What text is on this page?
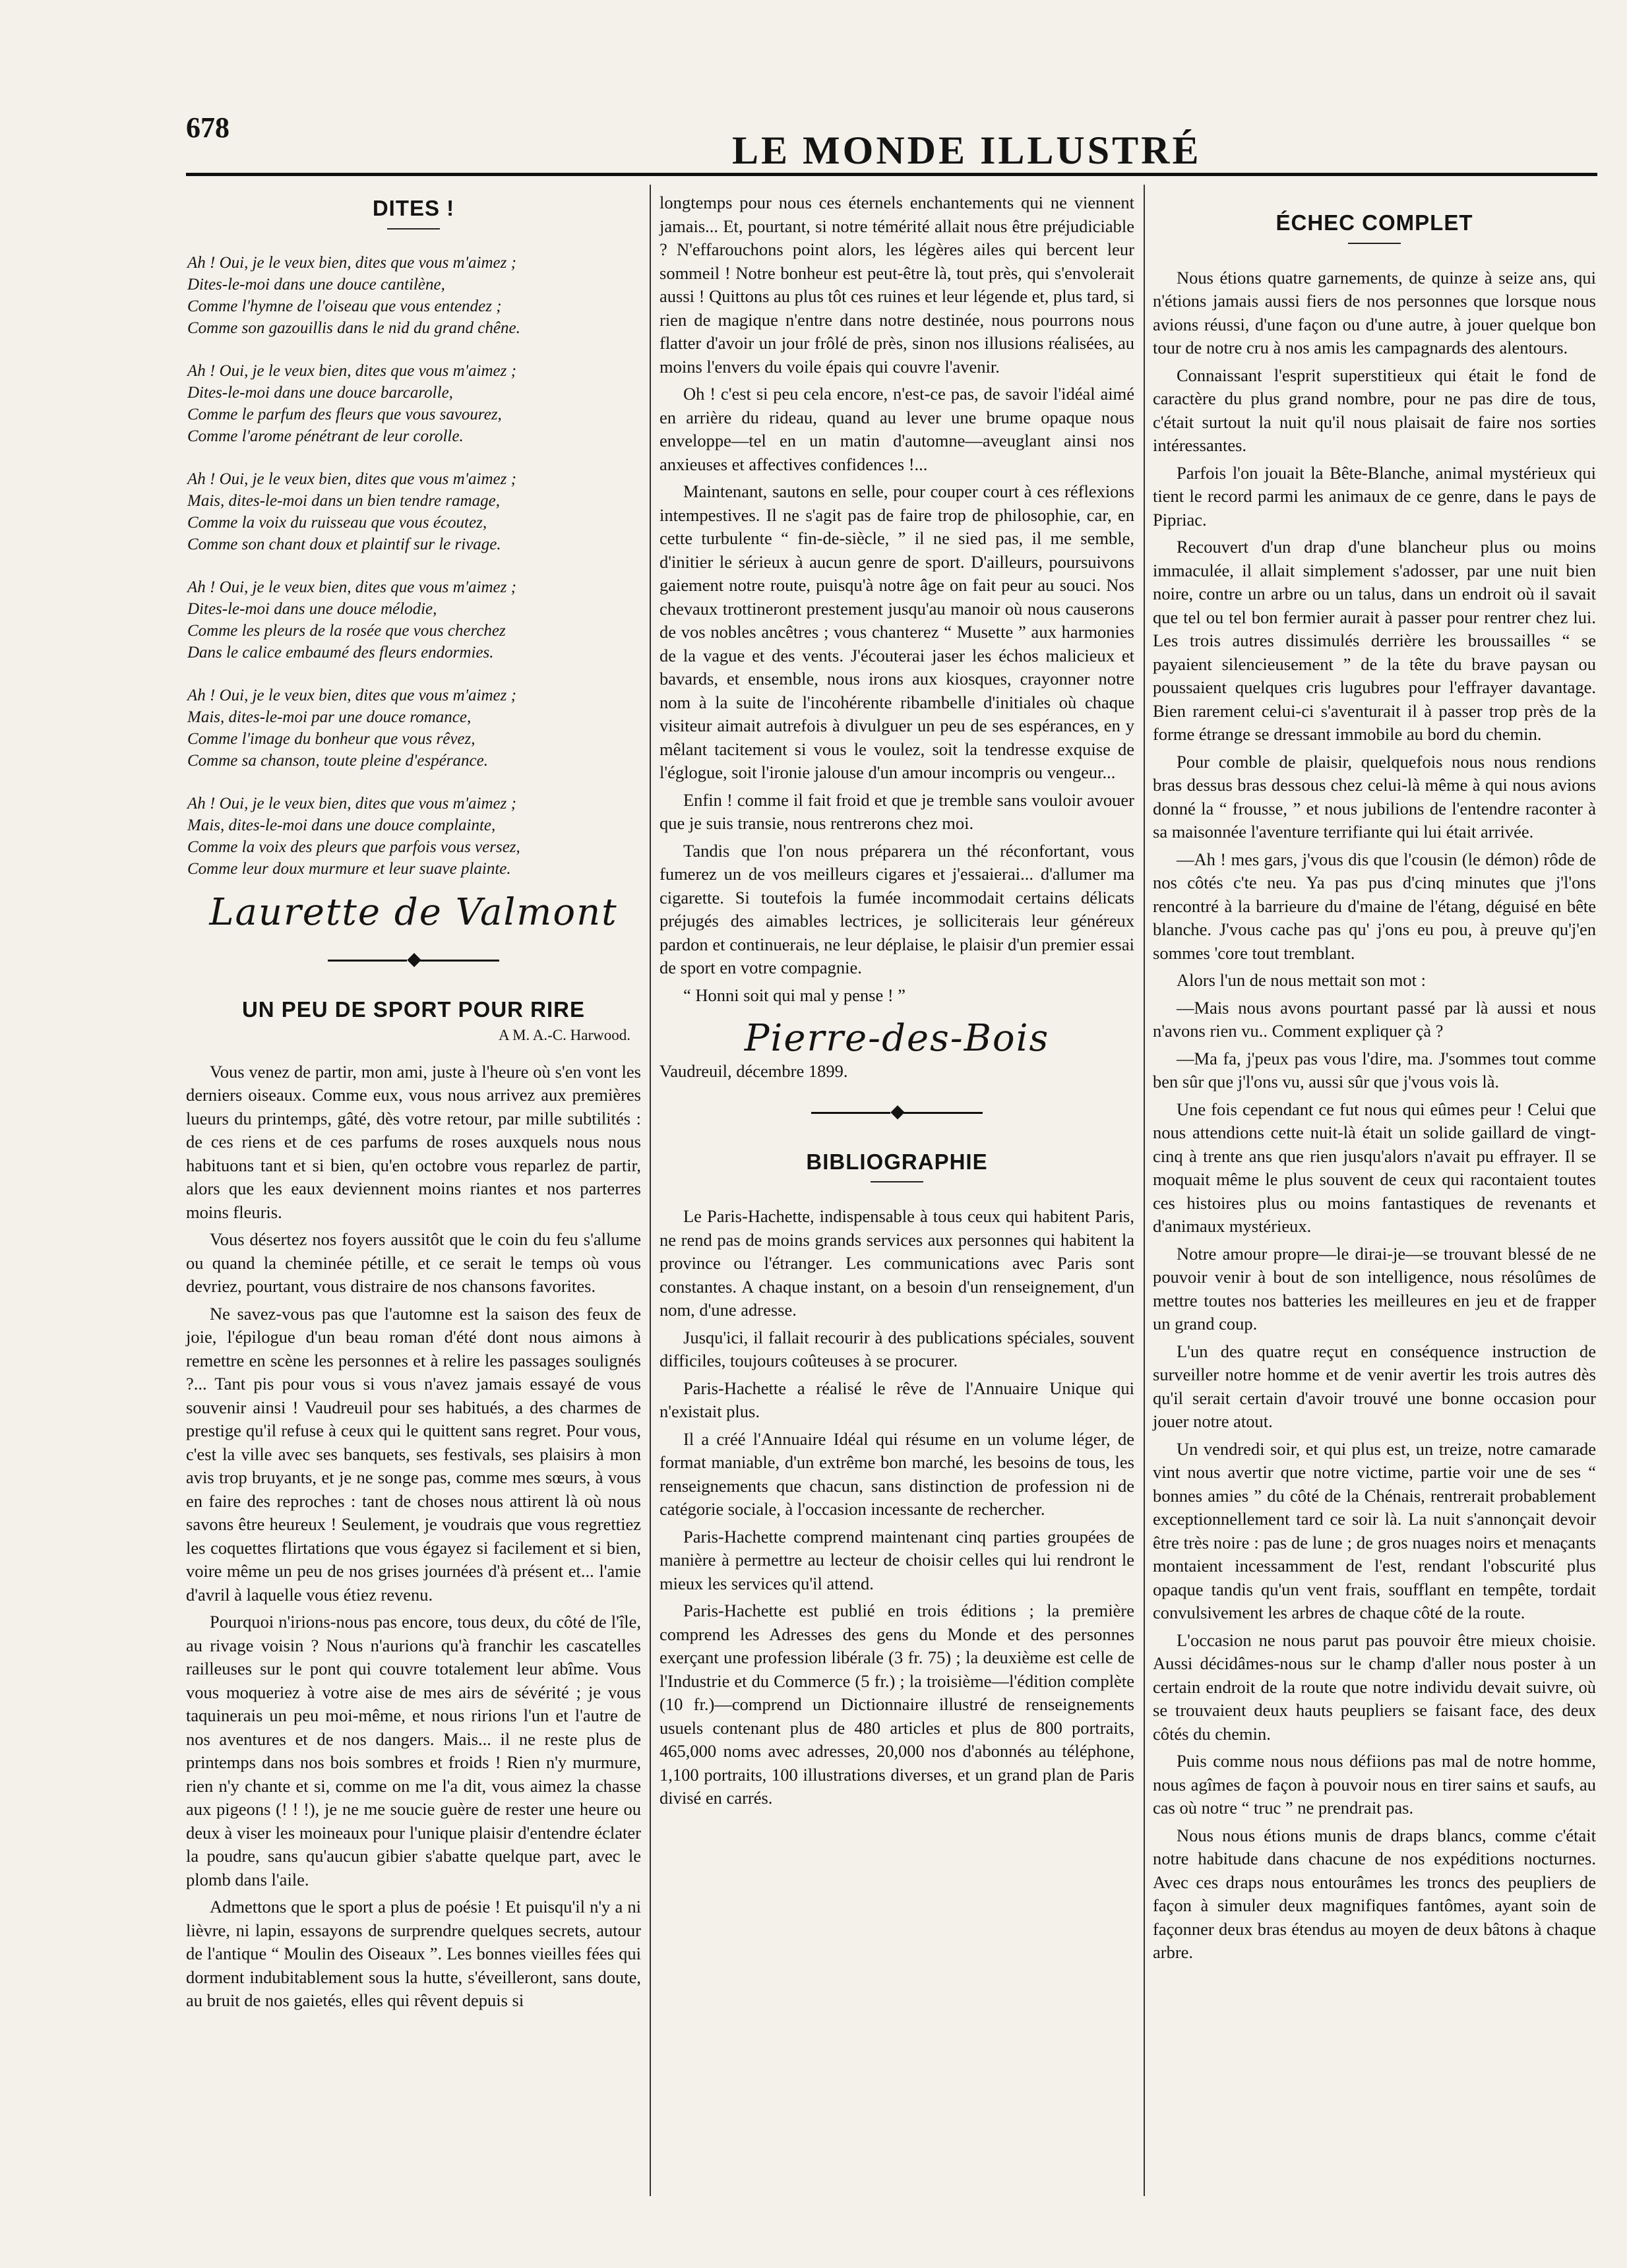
678
LE MONDE ILLUSTRÉ
DITES !
Ah ! Oui, je le veux bien, dites que vous m'aimez ;
Dites-le-moi dans une douce cantilène,
Comme l'hymne de l'oiseau que vous entendez ;
Comme son gazouillis dans le nid du grand chêne.
Ah ! Oui, je le veux bien, dites que vous m'aimez ;
Dites-le-moi dans une douce barcarolle,
Comme le parfum des fleurs que vous savourez,
Comme l'arome pénétrant de leur corolle.
Ah ! Oui, je le veux bien, dites que vous m'aimez ;
Mais, dites-le-moi dans un bien tendre ramage,
Comme la voix du ruisseau que vous écoutez,
Comme son chant doux et plaintif sur le rivage.
Ah ! Oui, je le veux bien, dites que vous m'aimez ;
Dites-le-moi dans une douce mélodie,
Comme les pleurs de la rosée que vous cherchez
Dans le calice embaumé des fleurs endormies.
Ah ! Oui, je le veux bien, dites que vous m'aimez ;
Mais, dites-le-moi par une douce romance,
Comme l'image du bonheur que vous rêvez,
Comme sa chanson, toute pleine d'espérance.
Ah ! Oui, je le veux bien, dites que vous m'aimez ;
Mais, dites-le-moi dans une douce complainte,
Comme la voix des pleurs que parfois vous versez,
Comme leur doux murmure et leur suave plainte.
Laurette de Valmont
◆
UN PEU DE SPORT POUR RIRE
A M. A.-C. Harwood.

Vous venez de partir, mon ami, juste à l'heure où s'en vont les derniers oiseaux. Comme eux, vous nous arrivez aux premières lueurs du printemps, gâté, dès votre retour, par mille subtilités : de ces riens et de ces parfums de roses auxquels nous nous habituons tant et si bien, qu'en octobre vous reparlez de partir, alors que les eaux deviennent moins riantes et nos parterres moins fleuris.

Vous désertez nos foyers aussitôt que le coin du feu s'allume ou quand la cheminée pétille, et ce serait le temps où vous devriez, pourtant, vous distraire de nos chansons favorites.

Ne savez-vous pas que l'automne est la saison des feux de joie, l'épilogue d'un beau roman d'été dont nous aimons à remettre en scène les personnes et à relire les passages soulignés ?... Tant pis pour vous si vous n'avez jamais essayé de vous souvenir ainsi ! Vaudreuil pour ses habitués, a des charmes de prestige qu'il refuse à ceux qui le quittent sans regret. Pour vous, c'est la ville avec ses banquets, ses festivals, ses plaisirs à mon avis trop bruyants, et je ne songe pas, comme mes sœurs, à vous en faire des reproches : tant de choses nous attirent là où nous savons être heureux ! Seulement, je voudrais que vous regrettiez les coquettes flirtations que vous égayez si facilement et si bien, voire même un peu de nos grises journées d'à présent et... l'amie d'avril à laquelle vous étiez revenu.

Pourquoi n'irions-nous pas encore, tous deux, du côté de l'île, au rivage voisin ? Nous n'aurions qu'à franchir les cascatelles railleuses sur le pont qui couvre totalement leur abîme. Vous vous moqueriez à votre aise de mes airs de sévérité ; je vous taquinerais un peu moi-même, et nous ririons l'un et l'autre de nos aventures et de nos dangers. Mais... il ne reste plus de printemps dans nos bois sombres et froids ! Rien n'y murmure, rien n'y chante et si, comme on me l'a dit, vous aimez la chasse aux pigeons (! ! !), je ne me soucie guère de rester une heure ou deux à viser les moineaux pour l'unique plaisir d'entendre éclater la poudre, sans qu'aucun gibier s'abatte quelque part, avec le plomb dans l'aile.

Admettons que le sport a plus de poésie ! Et puisqu'il n'y a ni lièvre, ni lapin, essayons de surprendre quelques secrets, autour de l'antique “ Moulin des Oiseaux ”. Les bonnes vieilles fées qui dorment indubitablement sous la hutte, s'éveilleront, sans doute, au bruit de nos gaietés, elles qui rêvent depuis si

longtemps pour nous ces éternels enchantements qui ne viennent jamais... Et, pourtant, si notre témérité allait nous être préjudiciable ? N'effarouchons point alors, les légères ailes qui bercent leur sommeil ! Notre bonheur est peut-être là, tout près, qui s'envolerait aussi ! Quittons au plus tôt ces ruines et leur légende et, plus tard, si rien de magique n'entre dans notre destinée, nous pourrons nous flatter d'avoir un jour frôlé de près, sinon nos illusions réalisées, au moins l'envers du voile épais qui couvre l'avenir.

Oh ! c'est si peu cela encore, n'est-ce pas, de savoir l'idéal aimé en arrière du rideau, quand au lever une brume opaque nous enveloppe—tel en un matin d'automne—aveuglant ainsi nos anxieuses et affectives confidences !...

Maintenant, sautons en selle, pour couper court à ces réflexions intempestives. Il ne s'agit pas de faire trop de philosophie, car, en cette turbulente “ fin-de-siècle, ” il ne sied pas, il me semble, d'initier le sérieux à aucun genre de sport. D'ailleurs, poursuivons gaiement notre route, puisqu'à notre âge on fait peur au souci. Nos chevaux trottineront prestement jusqu'au manoir où nous causerons de vos nobles ancêtres ; vous chanterez “ Musette ” aux harmonies de la vague et des vents. J'écouterai jaser les échos malicieux et bavards, et ensemble, nous irons aux kiosques, crayonner notre nom à la suite de l'incohérente ribambelle d'initiales où chaque visiteur aimait autrefois à divulguer un peu de ses espérances, en y mêlant tacitement si vous le voulez, soit la tendresse exquise de l'églogue, soit l'ironie jalouse d'un amour incompris ou vengeur...

Enfin ! comme il fait froid et que je tremble sans vouloir avouer que je suis transie, nous rentrerons chez moi.

Tandis que l'on nous préparera un thé réconfortant, vous fumerez un de vos meilleurs cigares et j'essaierai... d'allumer ma cigarette. Si toutefois la fumée incommodait certains délicats préjugés des aimables lectrices, je solliciterais leur généreux pardon et continuerais, ne leur déplaise, le plaisir d'un premier essai de sport en votre compagnie.

“ Honni soit qui mal y pense ! ”

Pierre-des-Bois

Vaudreuil, décembre 1899.

◆
BIBLIOGRAPHIE

Le Paris-Hachette, indispensable à tous ceux qui habitent Paris, ne rend pas de moins grands services aux personnes qui habitent la province ou l'étranger. Les communications avec Paris sont constantes. A chaque instant, on a besoin d'un renseignement, d'un nom, d'une adresse.

Jusqu'ici, il fallait recourir à des publications spéciales, souvent difficiles, toujours coûteuses à se procurer.

Paris-Hachette a réalisé le rêve de l'Annuaire Unique qui n'existait plus.

Il a créé l'Annuaire Idéal qui résume en un volume léger, de format maniable, d'un extrême bon marché, les besoins de tous, les renseignements que chacun, sans distinction de profession ni de catégorie sociale, à l'occasion incessante de rechercher.

Paris-Hachette comprend maintenant cinq parties groupées de manière à permettre au lecteur de choisir celles qui lui rendront le mieux les services qu'il attend.

Paris-Hachette est publié en trois éditions ; la première comprend les Adresses des gens du Monde et des personnes exerçant une profession libérale (3 fr. 75) ; la deuxième est celle de l'Industrie et du Commerce (5 fr.) ; la troisième—l'édition complète (10 fr.)—comprend un Dictionnaire illustré de renseignements usuels contenant plus de 480 articles et plus de 800 portraits, 465,000 noms avec adresses, 20,000 nos d'abonnés au téléphone, 1,100 portraits, 100 illustrations diverses, et un grand plan de Paris divisé en carrés.

ÉCHEC COMPLET

Nous étions quatre garnements, de quinze à seize ans, qui n'étions jamais aussi fiers de nos personnes que lorsque nous avions réussi, d'une façon ou d'une autre, à jouer quelque bon tour de notre cru à nos amis les campagnards des alentours.

Connaissant l'esprit superstitieux qui était le fond de caractère du plus grand nombre, pour ne pas dire de tous, c'était surtout la nuit qu'il nous plaisait de faire nos sorties intéressantes.

Parfois l'on jouait la Bête-Blanche, animal mystérieux qui tient le record parmi les animaux de ce genre, dans le pays de Pipriac.

Recouvert d'un drap d'une blancheur plus ou moins immaculée, il allait simplement s'adosser, par une nuit bien noire, contre un arbre ou un talus, dans un endroit où il savait que tel ou tel bon fermier aurait à passer pour rentrer chez lui. Les trois autres dissimulés derrière les broussailles “ se payaient silencieusement ” de la tête du brave paysan ou poussaient quelques cris lugubres pour l'effrayer davantage. Bien rarement celui-ci s'aventurait il à passer trop près de la forme étrange se dressant immobile au bord du chemin.

Pour comble de plaisir, quelquefois nous nous rendions bras dessus bras dessous chez celui-là même à qui nous avions donné la “ frousse, ” et nous jubilions de l'entendre raconter à sa maisonnée l'aventure terrifiante qui lui était arrivée.

—Ah ! mes gars, j'vous dis que l'cousin (le démon) rôde de nos côtés c'te neu. Ya pas pus d'cinq minutes que j'l'ons rencontré à la barrieure du d'maine de l'étang, déguisé en bête blanche. J'vous cache pas qu' j'ons eu pou, à preuve qu'j'en sommes 'core tout tremblant.

Alors l'un de nous mettait son mot :

—Mais nous avons pourtant passé par là aussi et nous n'avons rien vu.. Comment expliquer çà ?

—Ma fa, j'peux pas vous l'dire, ma. J'sommes tout comme ben sûr que j'l'ons vu, aussi sûr que j'vous vois là.

Une fois cependant ce fut nous qui eûmes peur ! Celui que nous attendions cette nuit-là était un solide gaillard de vingt-cinq à trente ans que rien jusqu'alors n'avait pu effrayer. Il se moquait même le plus souvent de ceux qui racontaient toutes ces histoires plus ou moins fantastiques de revenants et d'animaux mystérieux.

Notre amour propre—le dirai-je—se trouvant blessé de ne pouvoir venir à bout de son intelligence, nous résolûmes de mettre toutes nos batteries les meilleures en jeu et de frapper un grand coup.

L'un des quatre reçut en conséquence instruction de surveiller notre homme et de venir avertir les trois autres dès qu'il serait certain d'avoir trouvé une bonne occasion pour jouer notre atout.

Un vendredi soir, et qui plus est, un treize, notre camarade vint nous avertir que notre victime, partie voir une de ses “ bonnes amies ” du côté de la Chénais, rentrerait probablement exceptionnellement tard ce soir là. La nuit s'annonçait devoir être très noire : pas de lune ; de gros nuages noirs et menaçants montaient incessamment de l'est, rendant l'obscurité plus opaque tandis qu'un vent frais, soufflant en tempête, tordait convulsivement les arbres de chaque côté de la route.

L'occasion ne nous parut pas pouvoir être mieux choisie. Aussi décidâmes-nous sur le champ d'aller nous poster à un certain endroit de la route que notre individu devait suivre, où se trouvaient deux hauts peupliers se faisant face, des deux côtés du chemin.

Puis comme nous nous défiions pas mal de notre homme, nous agîmes de façon à pouvoir nous en tirer sains et saufs, au cas où notre “ truc ” ne prendrait pas.

Nous nous étions munis de draps blancs, comme c'était notre habitude dans chacune de nos expéditions nocturnes. Avec ces draps nous entourâmes les troncs des peupliers de façon à simuler deux magnifiques fantômes, ayant soin de façonner deux bras étendus au moyen de deux bâtons à chaque arbre.
